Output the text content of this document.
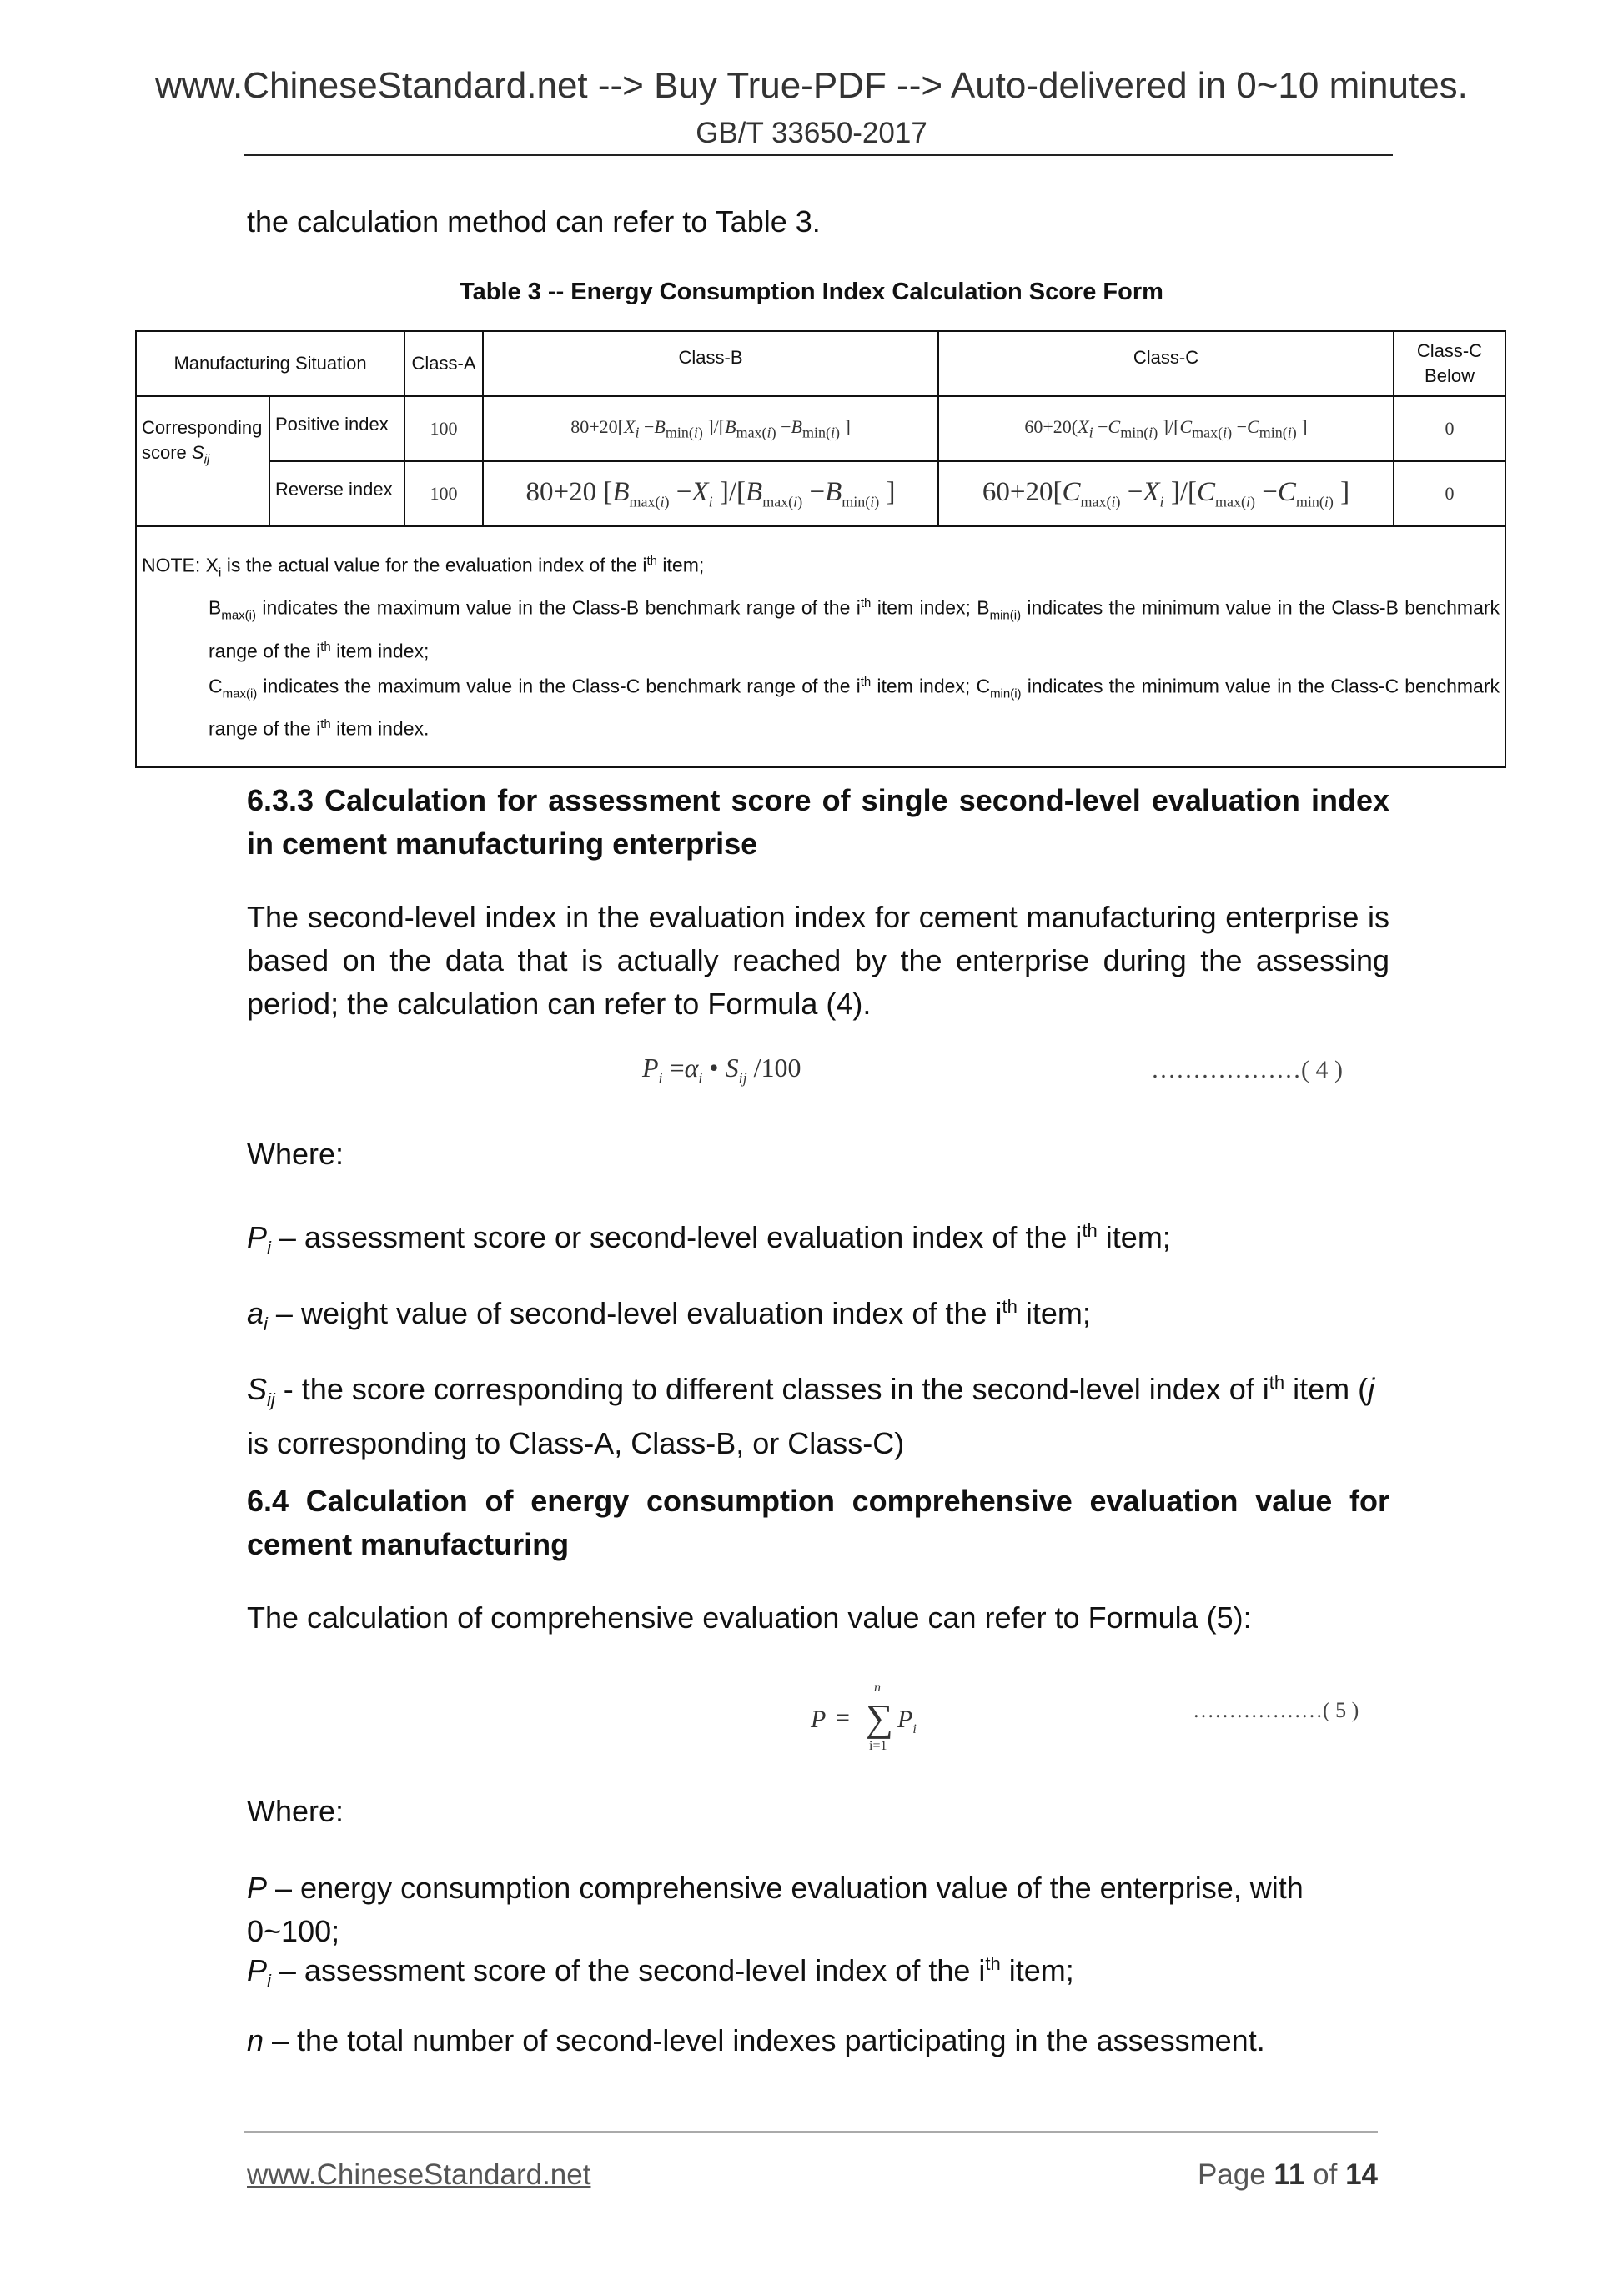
www.ChineseStandard.net --> Buy True-PDF --> Auto-delivered in 0~10 minutes.
GB/T 33650-2017
the calculation method can refer to Table 3.
Table 3 -- Energy Consumption Index Calculation Score Form
Manufacturing Situation		Class-A	Class-B	Class-C	Class-C
Below

Corresponding score $S_{ij}$	Positive index	100	$80+20[X_i -B_{min(i)}$ ]$/[B_{max(i)} -B_{min(i)}$ ]	$60+20(X_i -C_{min(i)}$ ]$/[C_{max(i)} -C_{min(i)}$ ]	0
	Reverse index	100	80+20 [$B_{max(i)} -X_i$ ]$/[B_{max(i)} -B_{min(i)}$ ]	$60+20[C_{max(i)} -X_i$ ]$/[C_{max(i)} -C_{min(i)}$ ]	0

NOTE: $X_i$ is the actual value for the evaluation index of the $i^{th}$ item;
$B_{max(i)}$ indicates the maximum value in the Class-B benchmark range of the $i^{th}$ item index; $B_{min(i)}$ indicates the minimum value in the Class-B benchmark range of the $i^{th}$ item index;
$C_{max(i)}$ indicates the maximum value in the Class-C benchmark range of the $i^{th}$ item index; $C_{min(i)}$ indicates the minimum value in the Class-C benchmark range of the $i^{th}$ item index.					
6.3.3 Calculation for assessment score of single second-level evaluation index in cement manufacturing enterprise
The second-level index in the evaluation index for cement manufacturing enterprise is based on the data that is actually reached by the enterprise during the assessing period; the calculation can refer to Formula (4).
$P_i =\alpha_i$ • $S_{ij}$ /100	………………( 4 )
Where:
$P_i$ – assessment score or second-level evaluation index of the $i^{th}$ item;
$a_i$ – weight value of second-level evaluation index of the $i^{th}$ item;
$S_{ij}$ - the score corresponding to different classes in the second-level index of $i^{th}$ item (j is corresponding to Class-A, Class-B, or Class-C)
6.4 Calculation of energy consumption comprehensive evaluation value for cement manufacturing
The calculation of comprehensive evaluation value can refer to Formula (5):
P =
n
∑
i=1
$P_i$
………………( 5 )
Where:
P – energy consumption comprehensive evaluation value of the enterprise, with 0~100;
$P_i$ – assessment score of the second-level index of the $i^{th}$ item;
n – the total number of second-level indexes participating in the assessment.
www.ChineseStandard.net	Page 11 of 14
